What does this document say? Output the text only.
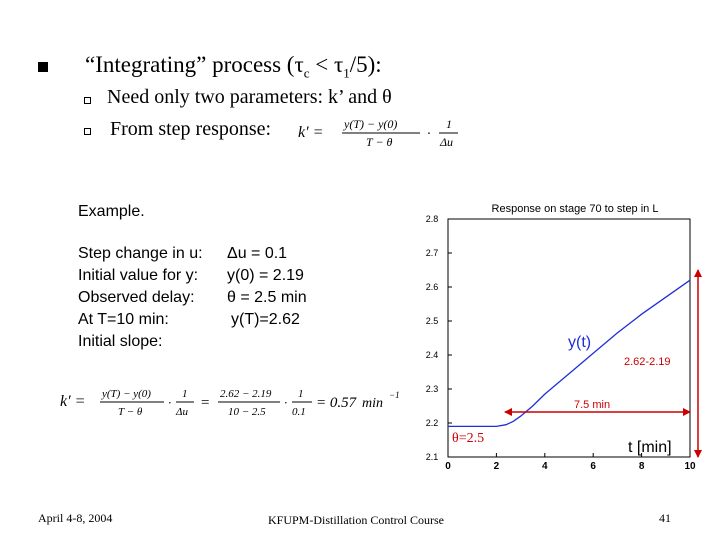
“Integrating” process $(\tau_c < \tau_1/5)$:
Need only two parameters: k’ and θ
From step response: k′ = y(T) − y(0)
T − θ ·
1
Δu
Example.
Step change in u: Δu = 0.1
Initial value for y: y(0) = 2.19
Observed delay: θ = 2.5 min
At T=10 min:	y(T)=2.62
Initial slope:
k′ = y(T) − y(0)
T − θ
·
1
Δu
=
2.62 − 2.19
10 − 2.5
·
1
0.1
= 0.57 min
−1
Response on stage 70 to step in L
0	2	4	6	8	10
2.1
2.2
2.3
2.4
2.5
2.6
2.7
2.8
y(t)
2.62-2.19
7.5 min
θ=2.5
t [min]
April 4-8, 2004	KFUPM-Distillation Control Course	41
